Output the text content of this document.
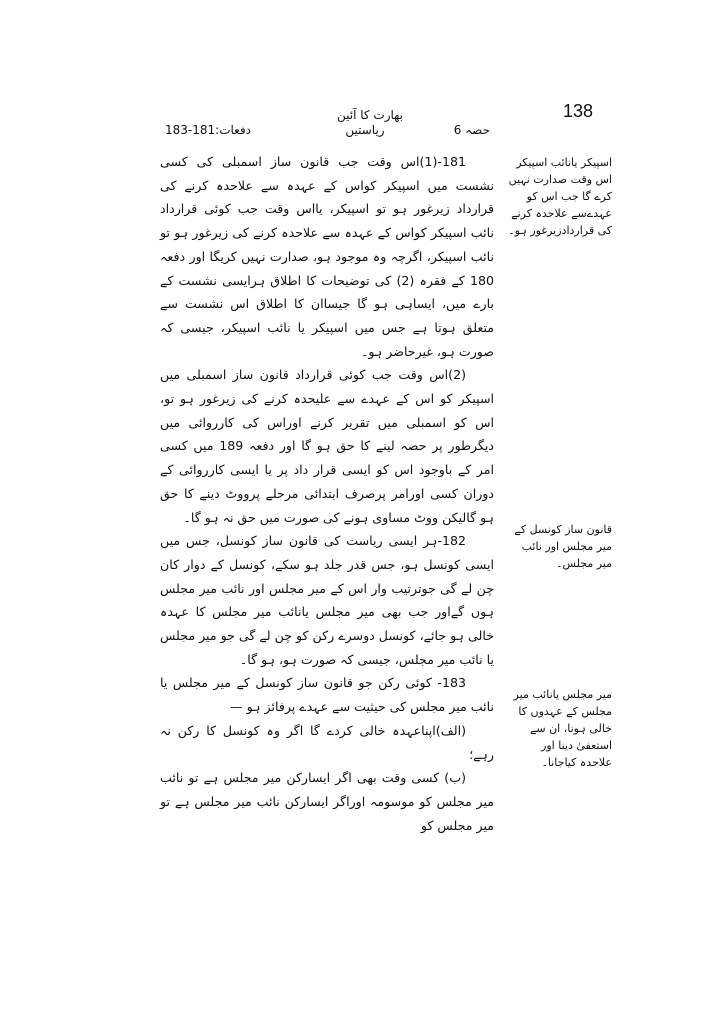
138
بھارت کا آئین
حصہ 6
ریاستیں
دفعات:181-183

181-(1)اس وقت جب قانون ساز اسمبلی کی کسی نشست میں اسپیکر کواس کے عہدہ سے علاحدہ کرنے کی قرارداد زیرغور ہو تو اسپیکر، یااس وقت جب کوئی قرارداد نائب اسپیکر کواس کے عہدہ سے علاحدہ کرنے کی زیرغور ہو تو نائب اسپیکر، اگرچہ وہ موجود ہو، صدارت نہیں کریگا اور دفعہ 180 کے فقرہ (2) کی توضیحات کا اطلاق ہرایسی نشست کے بارے میں، ایساہی ہو گا جیساان کا اطلاق اس نشست سے متعلق ہوتا ہے جس میں اسپیکر یا نائب اسپیکر، جیسی کہ صورت ہو، غیرحاضر ہو۔

(2)اس وقت جب کوئی قرارداد قانون ساز اسمبلی میں اسپیکر کو اس کے عہدے سے علیحدہ کرنے کی زیرغور ہو تو، اس کو اسمبلی میں تقریر کرنے اوراس کی کارروائی میں دیگرطور پر حصہ لینے کا حق ہو گا اور دفعہ 189 میں کسی امر کے باوجود اس کو ایسی قرار داد پر یا ایسی کارروائی کے دوران کسی اورامر پرصرف ابتدائی مرحلے پرووٹ دینے کا حق ہو گالیکن ووٹ مساوی ہونے کی صورت میں حق نہ ہو گا۔

182-ہر ایسی ریاست کی قانون ساز کونسل، جس میں ایسی کونسل ہو، جس قدر جلد ہو سکے، کونسل کے دوار کان چن لے گی جوترتیب وار اس کے میر مجلس اور نائب میر مجلس ہوں گےاور جب بھی میر مجلس یانائب میر مجلس کا عہدہ خالی ہو جائے، کونسل دوسرے رکن کو چن لے گی جو میر مجلس یا نائب میر مجلس، جیسی کہ صورت ہو، ہو گا۔

183- کوئی رکن جو قانون ساز کونسل کے میر مجلس یا نائب میر مجلس کی حیثیت سے عہدے پرفائز ہو —

(الف)اپناعہدہ خالی کردے گا اگر وہ کونسل کا رکن نہ رہے؛

(ب) کسی وقت بھی اگر ایسارکن میر مجلس ہے تو نائب میر مجلس کو موسومہ اوراگر ایسارکن نائب میر مجلس ہے تو میر مجلس کو

اسپیکر یانائب اسپیکر اس وقت صدارت نہیں کرے گا جب اس کو عہدےسے علاحدہ کرنے کی قراردادزیرغور ہو۔
قانون ساز کونسل کے میر مجلس اور نائب میر مجلس۔
میر مجلس یانائب میر مجلس کے عہدوں کا خالی ہونا، ان سے استعفیٰ دینا اور علاحدہ کیاجانا۔
